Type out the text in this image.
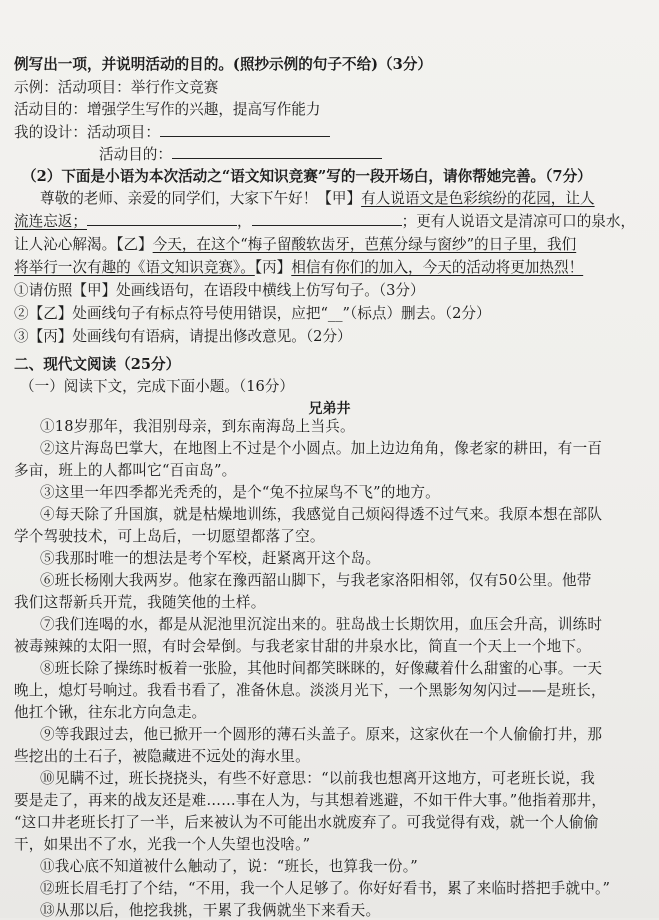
例写出一项，并说明活动的目的。(照抄示例的句子不给)（3分）
示例：活动项目：举行作文竞赛
活动目的：增强学生写作的兴趣，提高写作能力
我的设计：活动项目：
活动目的：
（2）下面是小语为本次活动之“语文知识竞赛”写的一段开场白，请你帮她完善。（7分）
尊敬的老师、亲爱的同学们，大家下午好！【甲】有人说语文是色彩缤纷的花园，让人
流连忘返；	，	；更有人说语文是清凉可口的泉水，
让人沁心解渴。【乙】今天，在这个“梅子留酸软齿牙，芭蕉分绿与窗纱”的日子里，我们
将举行一次有趣的《语文知识竞赛》。【丙】相信有你们的加入，今天的活动将更加热烈！
①请仿照【甲】处画线语句，在语段中横线上仿写句子。（3分）
②【乙】处画线句子有标点符号使用错误，应把“__”（标点）删去。（2分）
③【丙】处画线句有语病，请提出修改意见。（2分）
二、现代文阅读（25分）
（一）阅读下文，完成下面小题。（16分）
兄弟井
①18岁那年，我泪别母亲，到东南海岛上当兵。
②这片海岛巴掌大，在地图上不过是个小圆点。加上边边角角，像老家的耕田，有一百
多亩，班上的人都叫它“百亩岛”。
③这里一年四季都光秃秃的，是个“兔不拉屎鸟不飞”的地方。
④每天除了升国旗，就是枯燥地训练，我感觉自己烦闷得透不过气来。我原本想在部队
学个驾驶技术，可上岛后，一切愿望都落了空。
⑤我那时唯一的想法是考个军校，赶紧离开这个岛。
⑥班长杨刚大我两岁。他家在豫西韶山脚下，与我老家洛阳相邻，仅有50公里。他带
我们这帮新兵开荒，我随笑他的土样。
⑦我们连喝的水，都是从泥池里沉淀出来的。驻岛战士长期饮用，血压会升高，训练时
被毒辣辣的太阳一照，有时会晕倒。与我老家甘甜的井泉水比，简直一个天上一个地下。
⑧班长除了操练时板着一张脸，其他时间都笑眯眯的，好像藏着什么甜蜜的心事。一天
晚上，熄灯号响过。我看书看了，准备休息。淡淡月光下，一个黑影匆匆闪过——是班长，
他扛个锹，往东北方向急走。
⑨等我跟过去，他已掀开一个圆形的薄石头盖子。原来，这家伙在一个人偷偷打井，那
些挖出的土石子，被隐藏进不远处的海水里。
⑩见瞒不过，班长挠挠头，有些不好意思：“以前我也想离开这地方，可老班长说，我
要是走了，再来的战友还是难……事在人为，与其想着逃避，不如干件大事。”他指着那井，
“这口井老班长打了一半，后来被认为不可能出水就废弃了。可我觉得有戏，就一个人偷偷
干，如果出不了水，光我一个人失望也没啥。”
⑪我心底不知道被什么触动了，说：“班长，也算我一份。”
⑫班长眉毛打了个结，“不用，我一个人足够了。你好好看书，累了来临时搭把手就中。”
⑬从那以后，他挖我挑，干累了我俩就坐下来看天。
